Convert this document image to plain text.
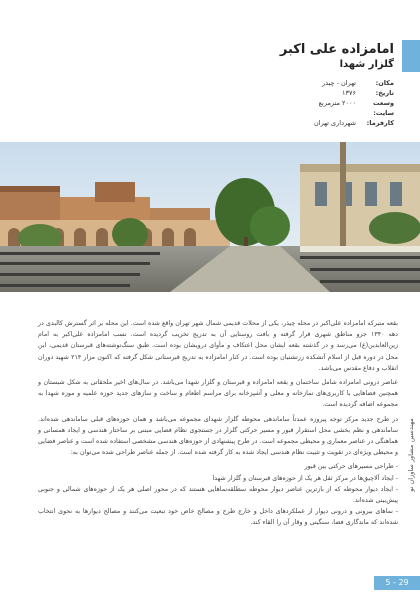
امامزاده علی اکبر
گلزار شهدا
مکان:
تهران - چیذر
تاریخ:
۱۳۷۶
وسعت سایت:
۲۰۰۰ مترمربع
کارفرما:
شهرداری تهران

بقعه متبرکه امامزاده علی‌اکبر در محله چیذر، یکی از محلات قدیمی شمال شهر تهران واقع شده است. این محله بر اثر گسترش کالبدی در دهه ۱۳۴۰ جزو مناطق شهری قرار گرفته و بافت روستایی آن به تدریج تخریب گردیده است. نسب امامزاده علی‌اکبر به امام زین‌العابدین(ع) می‌رسد و در گذشته بقعه ایشان محل اعتکاف و مأوای درویشان بوده است. طبق سنگ‌نوشته‌های قبرستان قدیمی، این محل در دوره قبل از اسلام آتشکده زرتشتیان بوده است. در کنار امامزاده به تدریج قبرستانی شکل گرفته که اکنون مزار ۲۱۴ شهید دوران انقلاب و دفاع مقدس می‌باشد.

عناصر درونی امامزاده شامل ساختمان و بقعه امامزاده و قبرستان و گلزار شهدا می‌باشد. در سال‌های اخیر ملحقاتی به شکل شبستان و همچنین فضاهایی با کاربری‌های نمازخانه و معلی و آشپزخانه برای مراسم اطعام و ساخت و سازهای جدید حوزه علمیه و موزه شهدا به مجموعه اضافه گردیده است.

در طرح جدید مرکز توجه پیروزه عمدتاً ساماندهی محوطه گلزار شهدای مجموعه می‌باشد و همان حوزه‌های قبلی ساماندهی شده‌اند. ساماندهی و نظم بخشی محل استقرار قبور و مسیر حرکتی گلزار در جستجوی نظام فضایی مبتنی بر ساختار هندسی و ایجاد همسانی و هماهنگی در عناصر معماری و محیطی مجموعه است. در طرح پیشنهادی از حوزه‌های هندسی مشخصی استفاده شده است و عناصر فضایی و محیطی ویژه‌ای در تقویت و تثبیت نظام هندسی ایجاد شده به کار گرفته شده است. از جمله عناصر طراحی شده می‌توان به:

- طراحی مسیرهای حرکتی بین قبور
- ایجاد آلاچیق‌ها در مرکز ثقل هر یک از حوزه‌های قبرستان و گلزار شهدا
- ایجاد دیوار محوطه که از بازترین عناصر دیوار محوطه سطلقه‌نماهایی هستند که در محور اصلی هر یک از حوزه‌های شمالی و جنوبی پیش‌بینی شده‌اند.
- نماهای بیرونی و درونی دیوار از عملکردهای داخل و خارج طرح و مصالح خاص خود تبعیت می‌کنند و مصالح دیوارها به نحوی انتخاب شده‌اند که ماندگاری فضا، سنگینی و وقار آن را القاء کند.
مهندسین مشاور ساوزان نو
5 - 29
